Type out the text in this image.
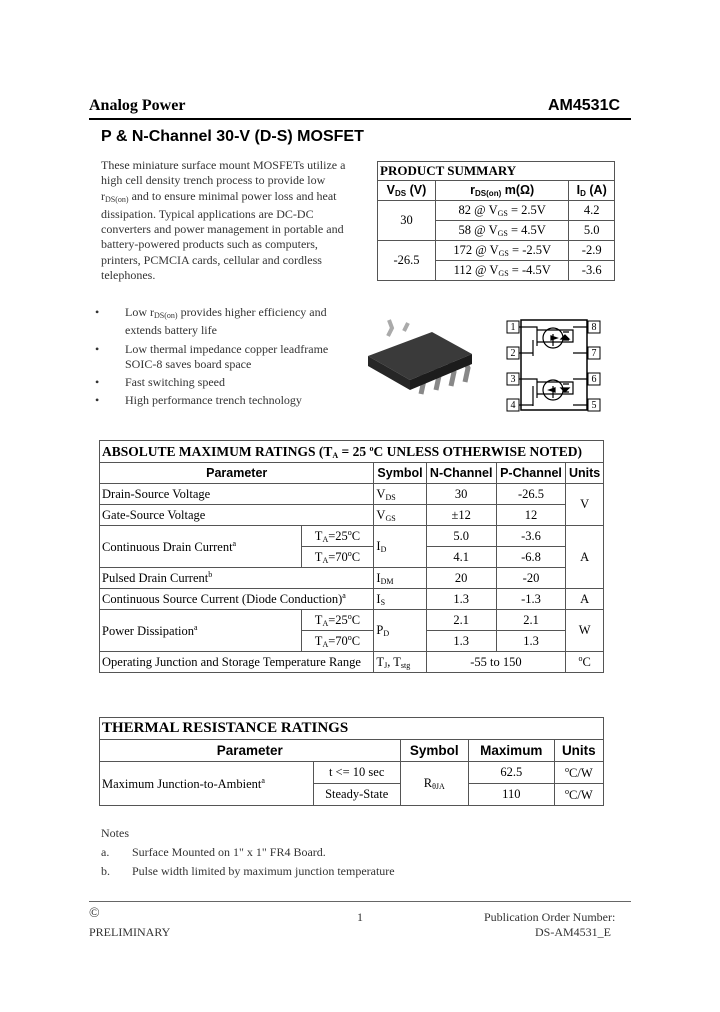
Analog Power	AM4531C
P & N-Channel 30-V (D-S) MOSFET
These miniature surface mount MOSFETs utilize a high cell density trench process to provide low $r_{DS(on)}$ and to ensure minimal power loss and heat dissipation. Typical applications are DC-DC converters and power management in portable and battery-powered products such as computers, printers, PCMCIA cards, cellular and cordless telephones.
PRODUCT SUMMARY		
$V_{DS}$ (V)	$r_{DS(on)}$ m(Ω)	$I_D$ (A)
30	82 @ $V_{GS} = 2.5V$	4.2
	58 @ $V_{GS} = 4.5V$	5.0
-26.5	172 @ $V_{GS} = -2.5V$	-2.9
	112 @ $V_{GS} = -4.5V$	-3.6
• Low $r_{DS(on)}$ provides higher efficiency and extends battery life
• Low thermal impedance copper leadframe SOIC-8 saves board space
• Fast switching speed
• High performance trench technology
1
2
3
4
8
7
6
5
ABSOLUTE MAXIMUM RATINGS ($T_A = 25$ $^o$C UNLESS OTHERWISE NOTED)					
Parameter		Symbol	N-Channel	P-Channel	Units
Drain-Source Voltage		$V_{DS}$	30	-26.5	V
Gate-Source Voltage		$V_{GS}$	±12	12	
Continuous Drain Current$^a$	$T_A=25^oC$	$I_D$	5.0	-3.6	A
	$T_A=70^oC$		4.1	-6.8	
Pulsed Drain Current$^b$		$I_{DM}$	20	-20	
Continuous Source Current (Diode Conduction)$^a$		$I_S$	1.3	-1.3	A
Power Dissipation$^a$	$T_A=25^oC$	$P_D$	2.1	2.1	W
	$T_A=70^oC$		1.3	1.3	
Operating Junction and Storage Temperature Range		$T_J$, $T_{stg}$	-55 to 150		$^o$C
THERMAL RESISTANCE RATINGS				
Parameter		Symbol	Maximum	Units
Maximum Junction-to-Ambient$^a$	t <= 10 sec	$R_{\theta JA}$	62.5	$^o$C/W
	Steady-State		110	$^o$C/W
Notes
a. Surface Mounted on 1" x 1" FR4 Board.
b. Pulse width limited by maximum junction temperature
©
PRELIMINARY
1	Publication Order Number:
DS-AM4531_E
